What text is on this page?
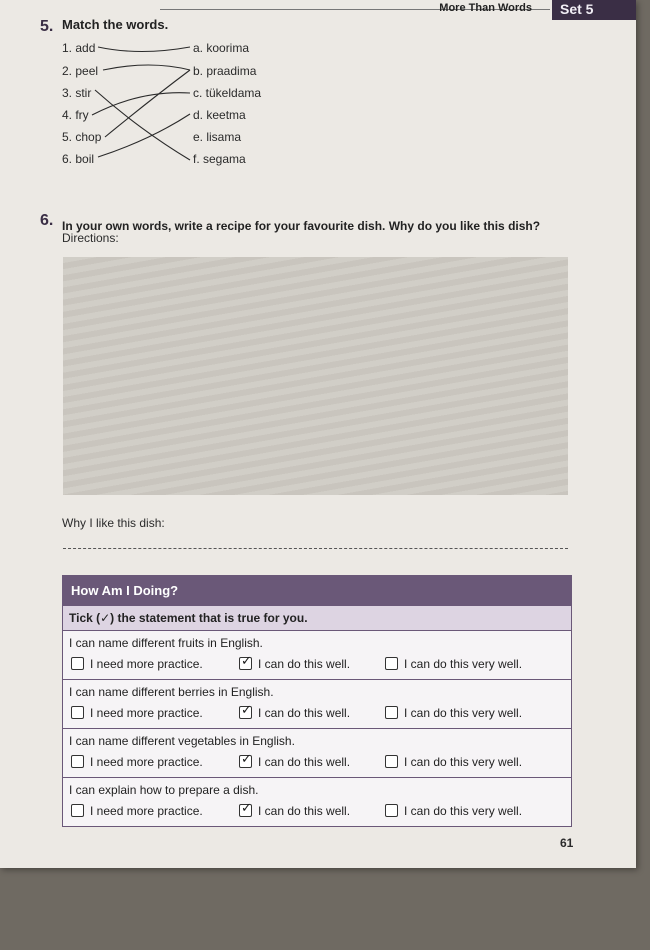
More Than Words	Set 5
5. Match the words.
1. add
2. peel
3. stir
4. fry
5. chop
6. boil
a. koorima
b. praadima
c. tükeldama
d. keetma
e. lisama
f. segama
6. In your own words, write a recipe for your favourite dish. Why do you like this dish?
Directions:
Why I like this dish:
How Am I Doing?
Tick (✓) the statement that is true for you.
I can name different fruits in English.
I need more practice. ✓	I can do this well.	I can do this very well.
I can name different berries in English.
I need more practice. ✓	I can do this well.	I can do this very well.
I can name different vegetables in English.
I need more practice. ✓	I can do this well.	I can do this very well.
I can explain how to prepare a dish.
I need more practice. ✓	I can do this well.	I can do this very well.
61
